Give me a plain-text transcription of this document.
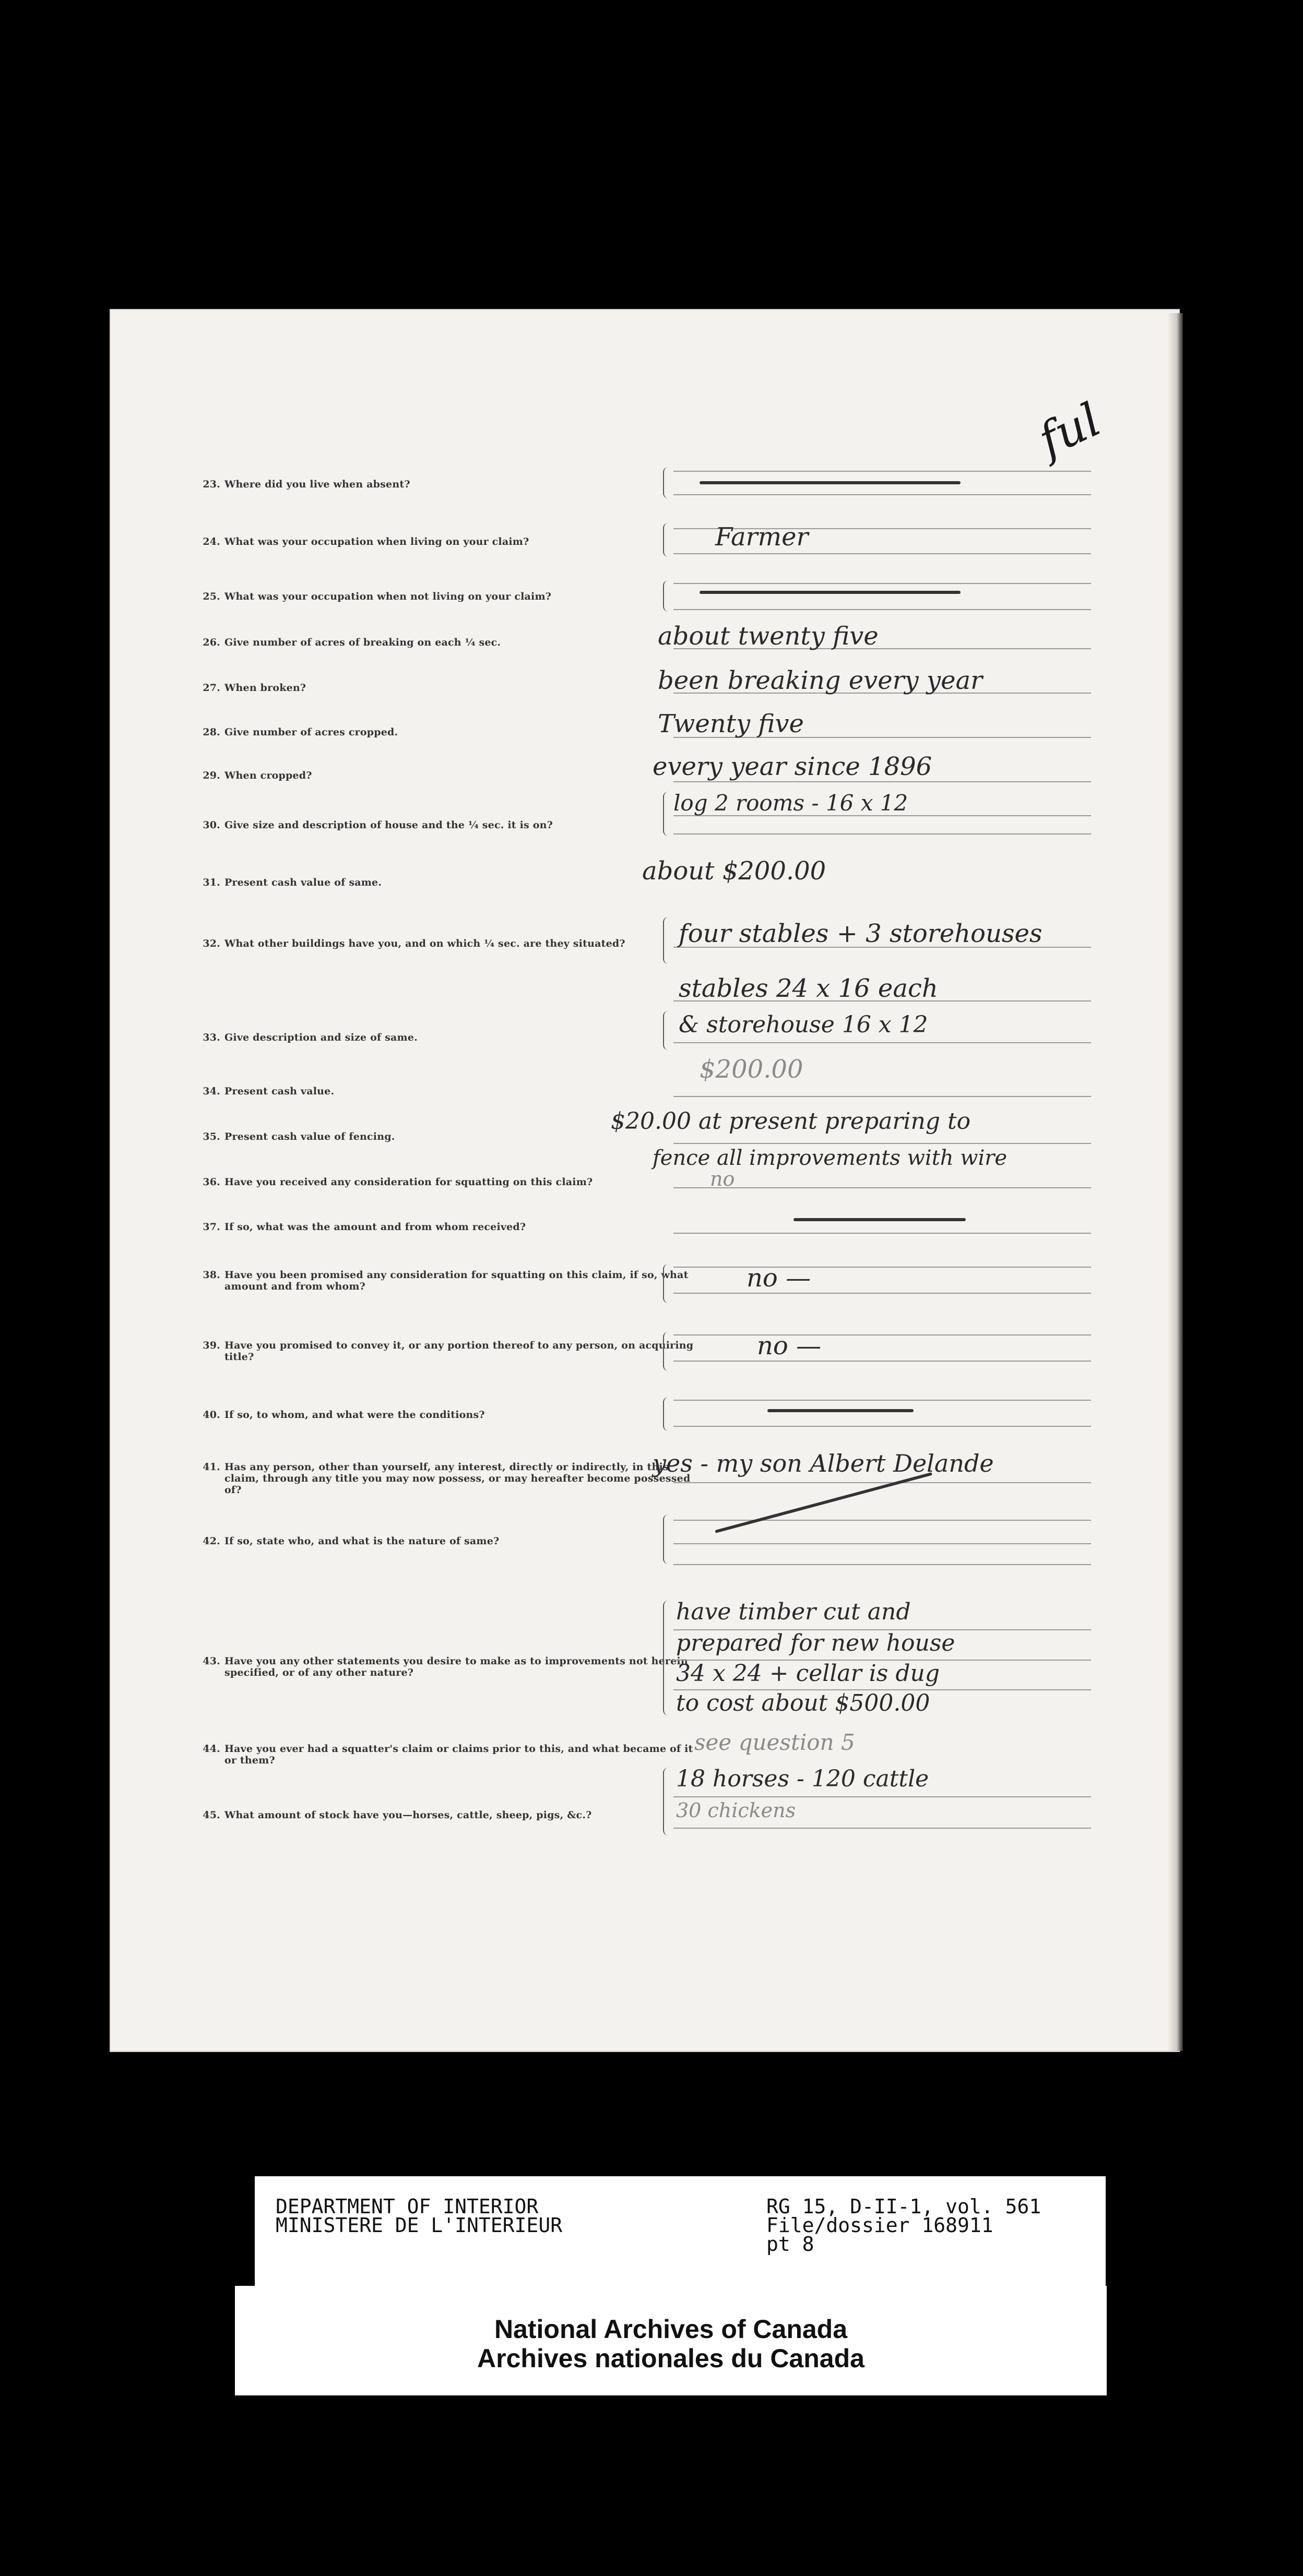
ful
23. Where did you live when absent?
24. What was your occupation when living on your claim?	Farmer
25. What was your occupation when not living on your claim?
26. Give number of acres of breaking on each ¼ sec.	about twenty five
27. When broken?	been breaking every year
28. Give number of acres cropped.	Twenty five
29. When cropped?	every year since 1896
30. Give size and description of house and the ¼ sec. it is on?
log 2 rooms - 16 x 12
31. Present cash value of same.	about $200.00
32. What other buildings have you, and on which ¼ sec. are they situated?	four stables + 3 storehouses
stables 24 x 16 each
33. Give description and size of same.	& storehouse 16 x 12
34. Present cash value.
$200.00
35. Present cash value of fencing.
$20.00 at present preparing to
fence all improvements with wire
36. Have you received any consideration for squatting on this claim?	no
37. If so, what was the amount and from whom received?
38. Have you been promised any consideration for squatting on this claim, if so, what amount and from whom?	no —
39. Have you promised to convey it, or any portion thereof to any person, on acquiring title?	no —
40. If so, to whom, and what were the conditions?
41. Has any person, other than yourself, any interest, directly or indirectly, in this claim, through any title you may now possess, or may hereafter become possessed of?
yes - my son Albert Delande
42. If so, state who, and what is the nature of same?
43. Have you any other statements you desire to make as to improvements not herein specified, or of any other nature?
have timber cut and
prepared for new house
34 x 24 + cellar is dug
to cost about $500.00
44. Have you ever had a squatter's claim or claims prior to this, and what became of it or them?
see question 5
45. What amount of stock have you—horses, cattle, sheep, pigs, &c.?
18 horses - 120 cattle
30 chickens
DEPARTMENT OF INTERIOR
MINISTERE DE L'INTERIEUR
RG 15, D-II-1, vol. 561
File/dossier 168911
pt 8
National Archives of Canada
Archives nationales du Canada
